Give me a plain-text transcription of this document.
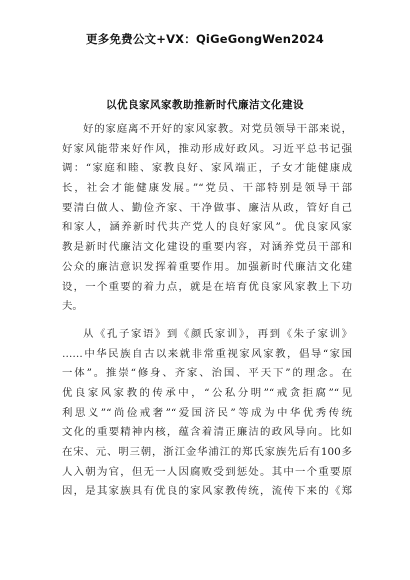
更多免费公文+VX：QiGeGongWen2024
以优良家风家教助推新时代廉洁文化建设
好的家庭离不开好的家风家教。对党员领导干部来说，
好家风能带来好作风，推动形成好政风。习近平总书记强
调：“家庭和睦、家教良好、家风端正，子女才能健康成
长，社会才能健康发展。”“党员、干部特别是领导干部
要清白做人、勤俭齐家、干净做事、廉洁从政，管好自己
和家人，涵养新时代共产党人的良好家风”。优良家风家
教是新时代廉洁文化建设的重要内容，对涵养党员干部和
公众的廉洁意识发挥着重要作用。加强新时代廉洁文化建
设，一个重要的着力点，就是在培育优良家风家教上下功
夫。
从《孔子家语》到《颜氏家训》，再到《朱子家训》
……中华民族自古以来就非常重视家风家教，倡导“家国
一体”。推崇“修身、齐家、治国、平天下”的理念。在
优良家风家教的传承中，“公私分明”“戒贪拒腐”“见
利思义”“尚俭戒奢”“爱国济民”等成为中华优秀传统
文化的重要精神内核，蕴含着清正廉洁的政风导向。比如
在宋、元、明三朝，浙江金华浦江的郑氏家族先后有100多
人入朝为官，但无一人因腐败受到惩处。其中一个重要原
因，是其家族具有优良的家风家教传统，流传下来的《郑
